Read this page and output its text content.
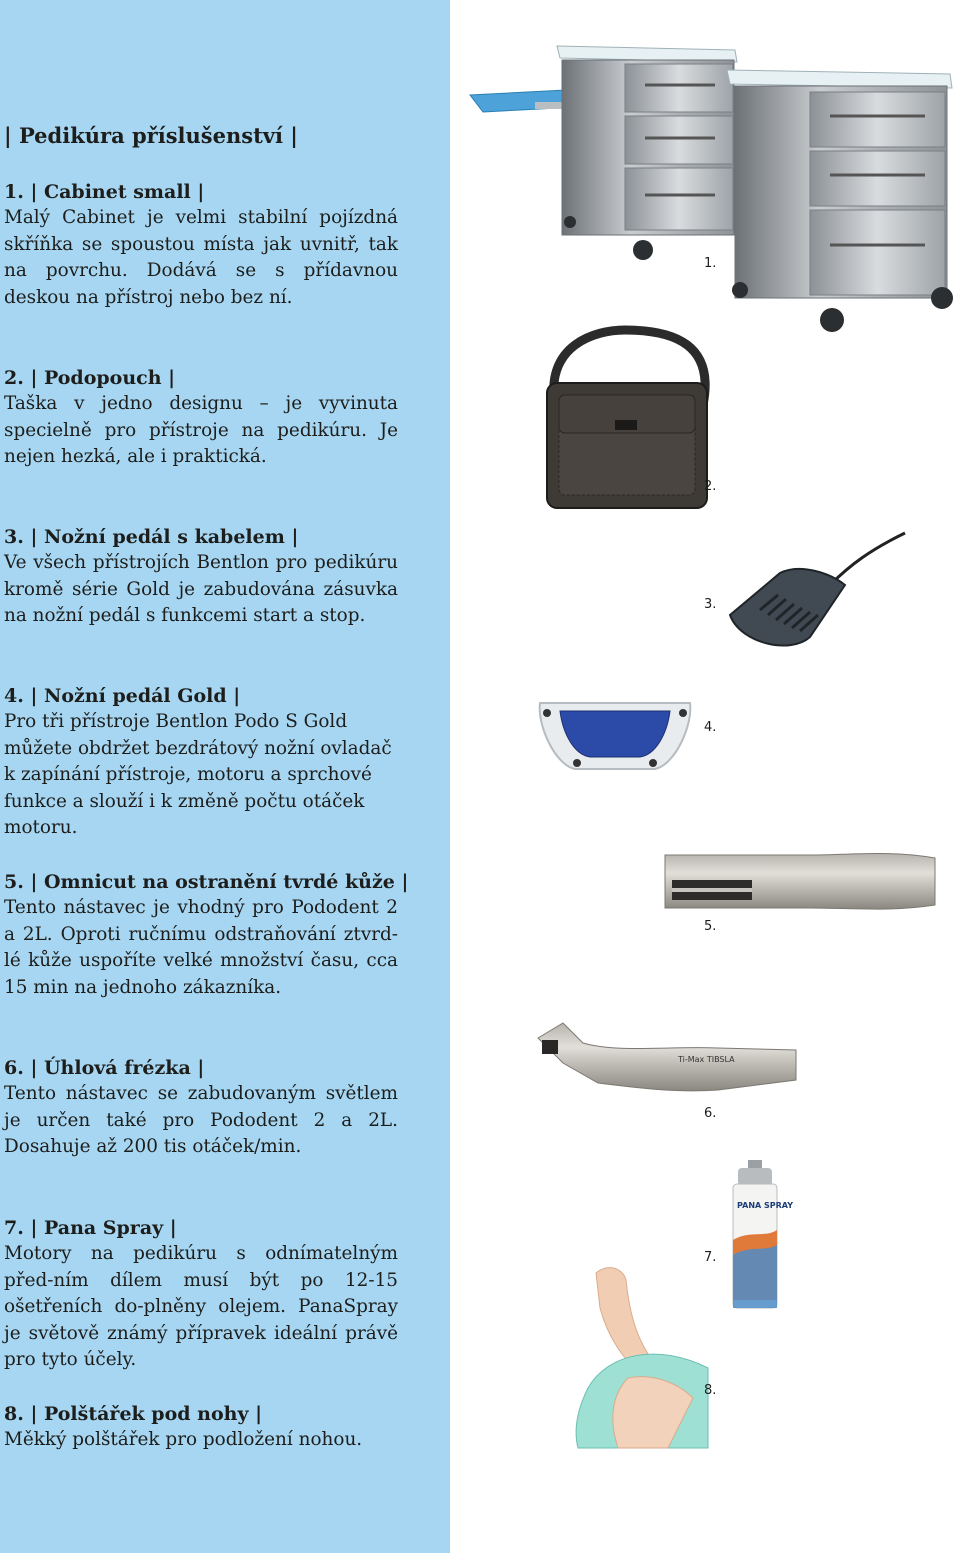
| Pedikúra příslušenství |
1. | Cabinet small |
Malý Cabinet je velmi stabilní pojízdná skříňka se spoustou místa jak uvnitř, tak na povrchu. Dodává se s přídavnou deskou na přístroj nebo bez ní.
2. | Podopouch |
Taška v jedno designu – je vyvinuta specielně pro přístroje na pedikúru. Je nejen hezká, ale i praktická.
3. | Nožní pedál s kabelem |
Ve všech přístrojích Bentlon pro pedikúru kromě série Gold je zabudována zásuvka na nožní pedál s funkcemi start a stop.
4. | Nožní pedál Gold |
Pro tři přístroje Bentlon Podo S Gold můžete obdržet bezdrátový nožní ovladač k zapínání přístroje, motoru a sprchové funkce a slouží i k změně počtu otáček motoru.
5. | Omnicut na ostranění tvrdé kůže |
Tento nástavec je vhodný pro Pododent 2 a 2L. Oproti ručnímu odstraňování ztvrd-lé kůže uspoříte velké množství času, cca 15 min na jednoho zákazníka.
6. | Úhlová frézka |
Tento nástavec se zabudovaným světlem je určen také pro Pododent 2 a 2L. Dosahuje až 200 tis otáček/min.
7. | Pana Spray |
Motory na pedikúru s odnímatelným před-ním dílem musí být po 12-15 ošetřeních do-plněny olejem. PanaSpray je světově známý přípravek ideální právě pro tyto účely.
8. | Polštářek pod nohy |
Měkký polštářek pro podložení nohou.
1.
2.
3.
4.
5.
Ti-Max TIBSLA
6.
PANA SPRAY
7.
8.
